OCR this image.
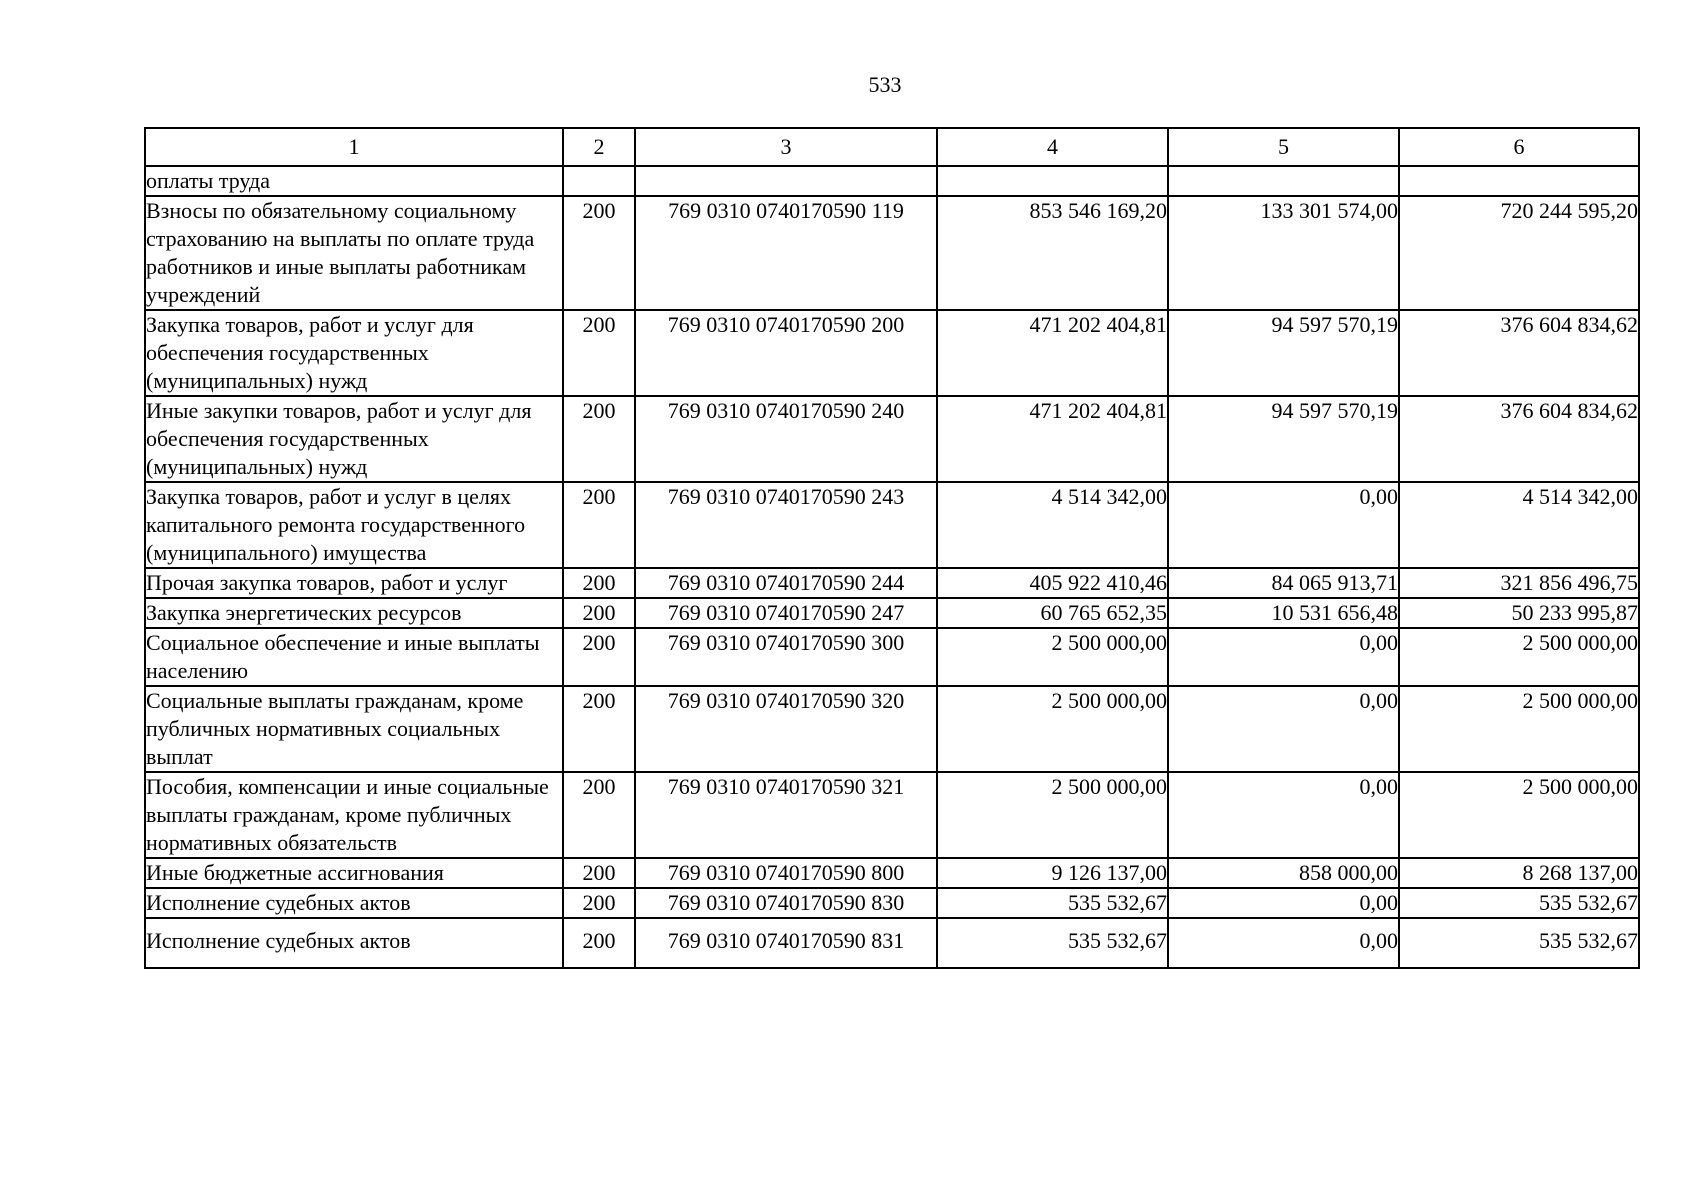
533
1	2	3	4	5	6
оплаты труда					
Взносы по обязательному социальному страхованию на выплаты по оплате труда работников и иные выплаты работникам учреждений	200	769 0310 0740170590 119	853 546 169,20	133 301 574,00	720 244 595,20
Закупка товаров, работ и услуг для обеспечения государственных (муниципальных) нужд	200	769 0310 0740170590 200	471 202 404,81	94 597 570,19	376 604 834,62
Иные закупки товаров, работ и услуг для обеспечения государственных (муниципальных) нужд	200	769 0310 0740170590 240	471 202 404,81	94 597 570,19	376 604 834,62
Закупка товаров, работ и услуг в целях капитального ремонта государственного (муниципального) имущества	200	769 0310 0740170590 243	4 514 342,00	0,00	4 514 342,00
Прочая закупка товаров, работ и услуг	200	769 0310 0740170590 244	405 922 410,46	84 065 913,71	321 856 496,75
Закупка энергетических ресурсов	200	769 0310 0740170590 247	60 765 652,35	10 531 656,48	50 233 995,87
Социальное обеспечение и иные выплаты населению	200	769 0310 0740170590 300	2 500 000,00	0,00	2 500 000,00
Социальные выплаты гражданам, кроме публичных нормативных социальных выплат	200	769 0310 0740170590 320	2 500 000,00	0,00	2 500 000,00
Пособия, компенсации и иные социальные выплаты гражданам, кроме публичных нормативных обязательств	200	769 0310 0740170590 321	2 500 000,00	0,00	2 500 000,00
Иные бюджетные ассигнования	200	769 0310 0740170590 800	9 126 137,00	858 000,00	8 268 137,00
Исполнение судебных актов	200	769 0310 0740170590 830	535 532,67	0,00	535 532,67
Исполнение судебных актов	200	769 0310 0740170590 831	535 532,67	0,00	535 532,67
